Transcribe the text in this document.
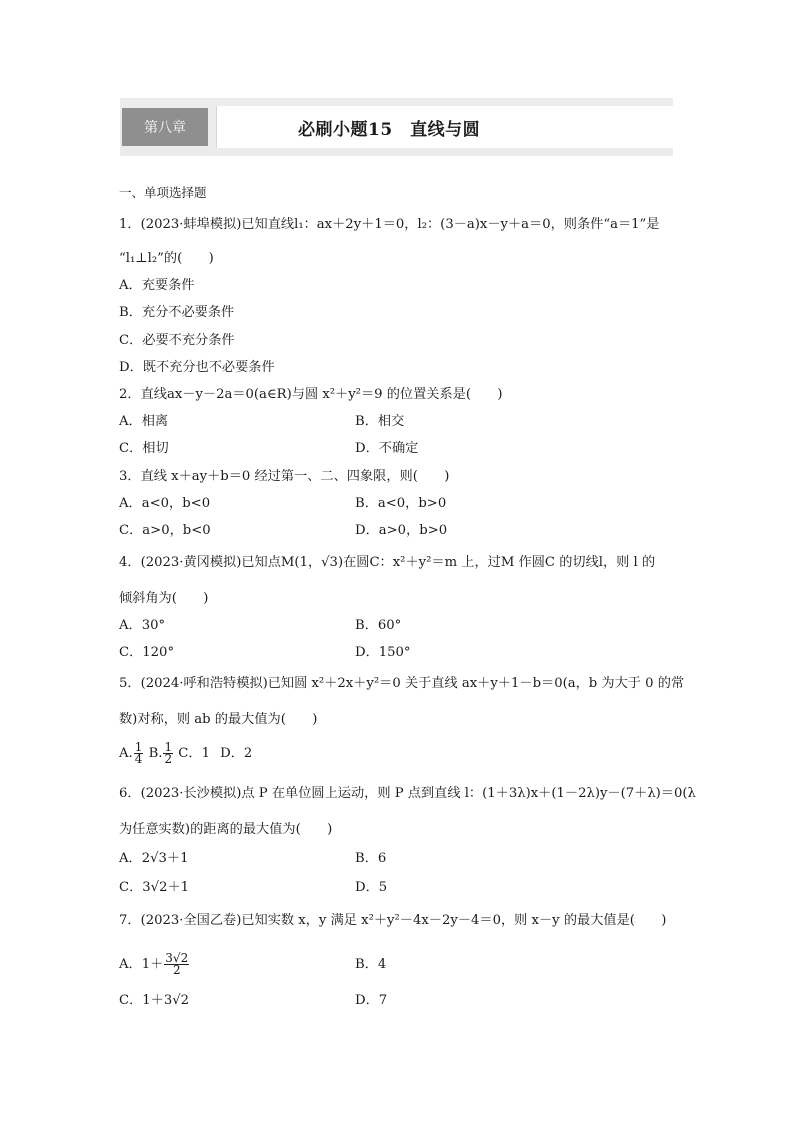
第八章	必刷小题15　直线与圆
一、单项选择题
1．(2023·蚌埠模拟)已知直线l₁：ax＋2y＋1＝0，l₂：(3－a)x－y＋a＝0，则条件“a＝1”是
“l₁⊥l₂”的(　　)
A．充要条件
B．充分不必要条件
C．必要不充分条件
D．既不充分也不必要条件
2．直线ax－y－2a＝0(a∈R)与圆 x²＋y²＝9 的位置关系是(　　)
A．相离	B．相交
C．相切	D．不确定
3．直线 x＋ay＋b＝0 经过第一、二、四象限，则(　　)
A．a<0，b<0	B．a<0，b>0
C．a>0，b<0	D．a>0，b>0
4．(2023·黄冈模拟)已知点M(1，√3)在圆C：x²＋y²＝m 上，过M 作圆C 的切线l，则 l 的
倾斜角为(　　)
A．30°	B．60°
C．120°	D．150°
5．(2024·呼和浩特模拟)已知圆 x²＋2x＋y²＝0 关于直线 ax＋y＋1－b＝0(a，b 为大于 0 的常
数)对称，则 ab 的最大值为(　　)
A. $\frac{1}{4} B$. $\frac{1}{2}$ C．1 D．2
6．(2023·长沙模拟)点 P 在单位圆上运动，则 P 点到直线 l：(1＋3λ)x＋(1－2λ)y－(7＋λ)＝0(λ
为任意实数)的距离的最大值为(　　)
A．2√3＋1	B．6
C．3√2＋1	D．5
7．(2023·全国乙卷)已知实数 x，y 满足 x²＋y²－4x－2y－4＝0，则 x－y 的最大值是(　　)
A．$1+ \frac{3√2}{2}$	B．4
C．1＋3√2	D．7
